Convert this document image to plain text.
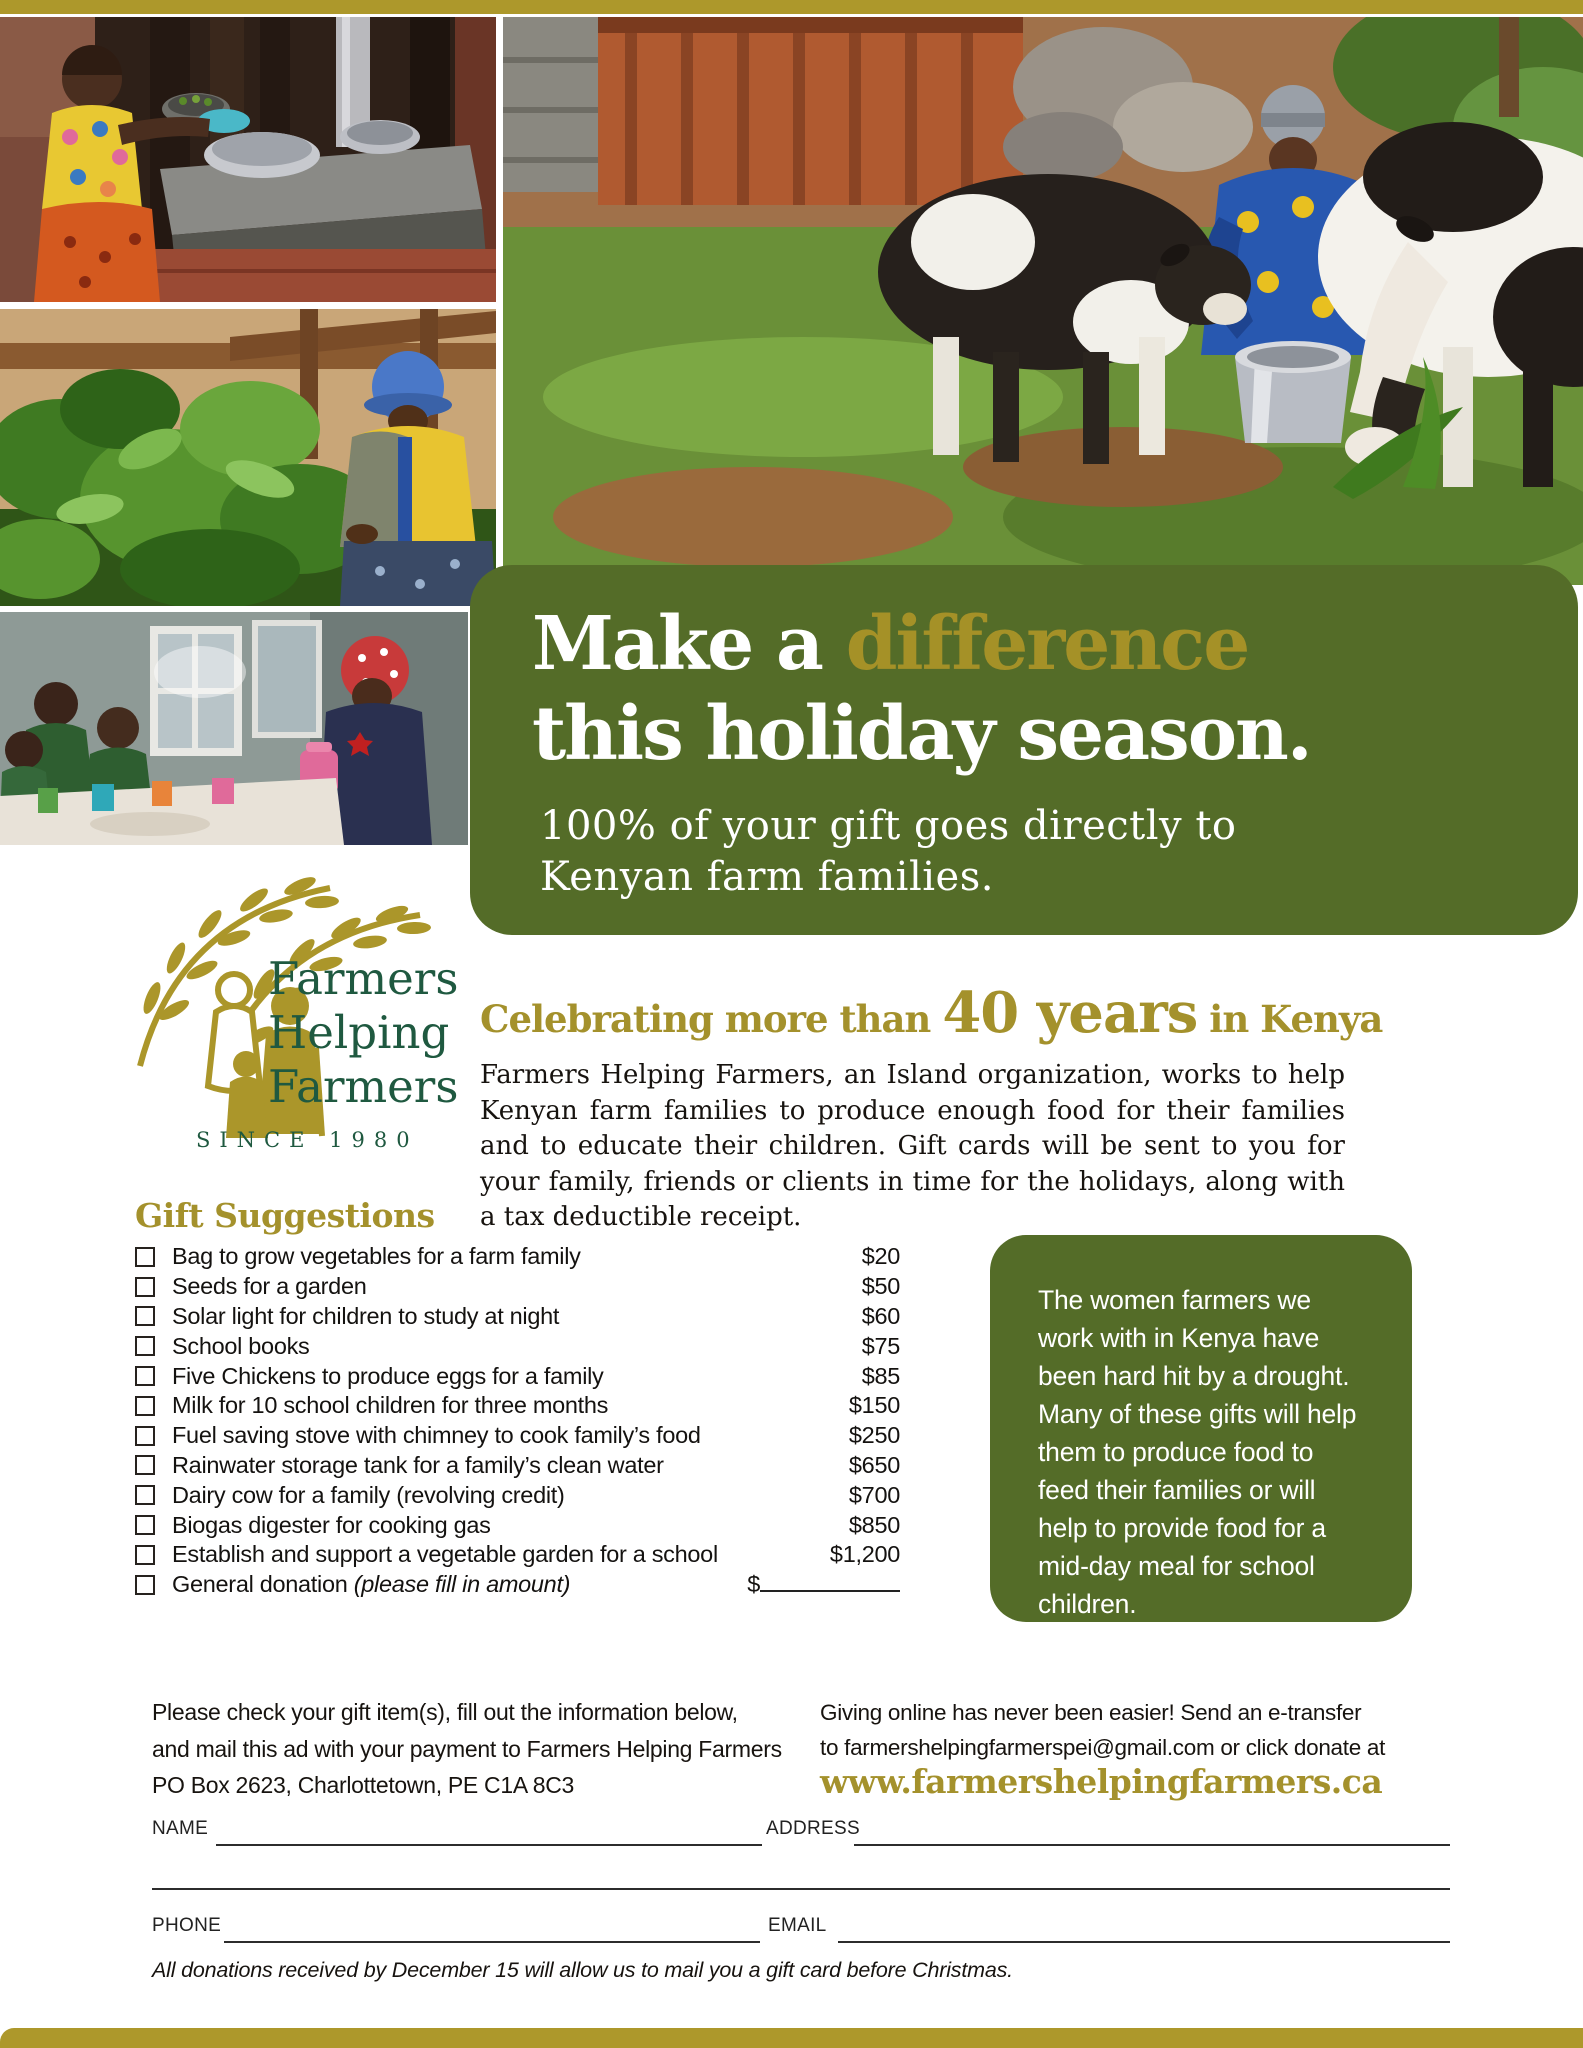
Make a difference
this holiday season.
100% of your gift goes directly to
Kenyan farm families.
Farmers
Helping
Farmers
SINCE 1980
Celebrating more than 40 years in Kenya
Farmers Helping Farmers, an Island organization, works to help Kenyan farm families to produce enough food for their families and to educate their children. Gift cards will be sent to you for your family, friends or clients in time for the holidays, along with a tax deductible receipt.
Gift Suggestions
Bag to grow vegetables for a farm family	$20
Seeds for a garden	$50
Solar light for children to study at night	$60
School books	$75
Five Chickens to produce eggs for a family	$85
Milk for 10 school children for three months	$150
Fuel saving stove with chimney to cook family’s food	$250
Rainwater storage tank for a family’s clean water	$650
Dairy cow for a family (revolving credit)	$700
Biogas digester for cooking gas	$850
Establish and support a vegetable garden for a school	$1,200
General donation (please fill in amount)	$
The women farmers we work with in Kenya have been hard hit by a drought. Many of these gifts will help them to produce food to feed their families or will help to provide food for a mid-day meal for school children.
Please check your gift item(s), fill out the information below,
and mail this ad with your payment to Farmers Helping Farmers
PO Box 2623, Charlottetown, PE C1A 8C3
Giving online has never been easier! Send an e-transfer
to farmershelpingfarmerspei@gmail.com or click donate at
www.farmershelpingfarmers.ca
NAME	ADDRESS
PHONE	EMAIL
All donations received by December 15 will allow us to mail you a gift card before Christmas.
